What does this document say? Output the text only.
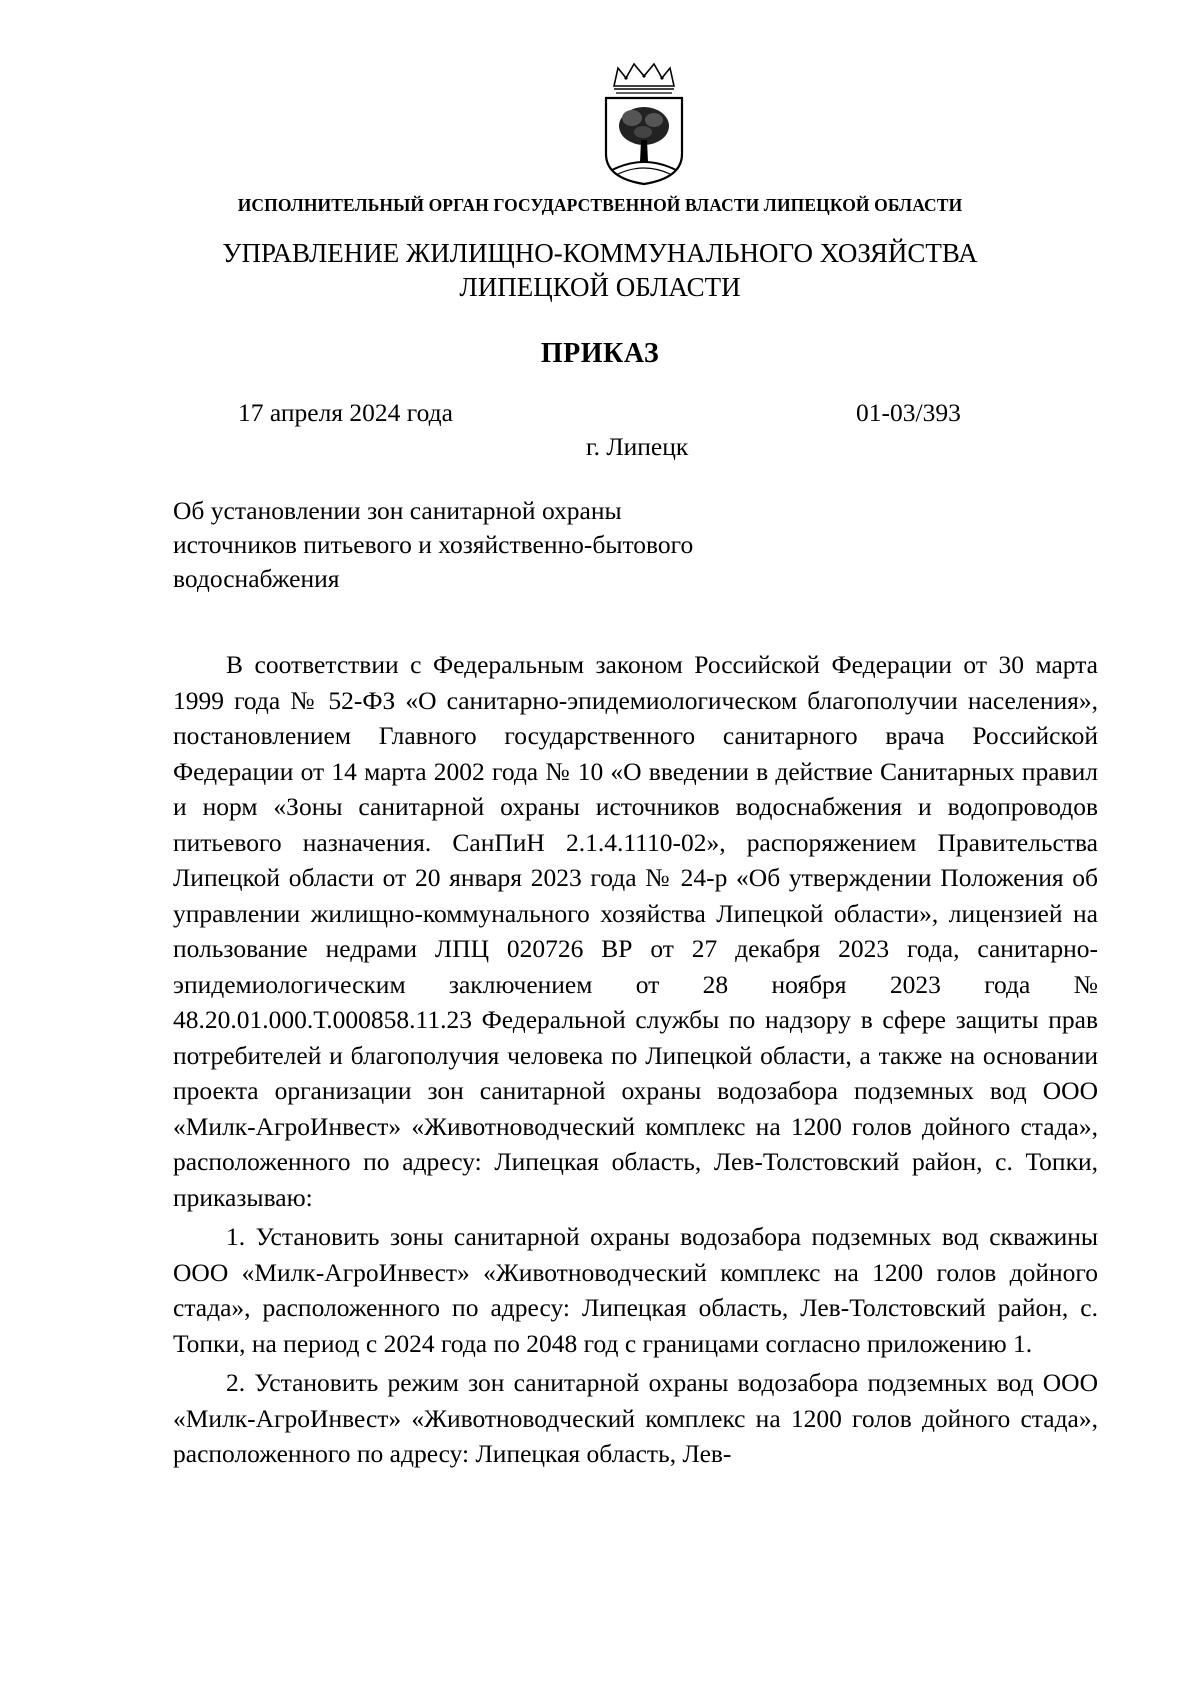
ИСПОЛНИТЕЛЬНЫЙ ОРГАН ГОСУДАРСТВЕННОЙ ВЛАСТИ ЛИПЕЦКОЙ ОБЛАСТИ
УПРАВЛЕНИЕ ЖИЛИЩНО-КОММУНАЛЬНОГО ХОЗЯЙСТВА
ЛИПЕЦКОЙ ОБЛАСТИ
ПРИКАЗ
17 апреля 2024 года	01-03/393
г. Липецк
Об установлении зон санитарной охраны
источников питьевого и хозяйственно-бытового
водоснабжения

В соответствии с Федеральным законом Российской Федерации от 30 марта 1999 года № 52-ФЗ «О санитарно-эпидемиологическом благополучии населения», постановлением Главного государственного санитарного врача Российской Федерации от 14 марта 2002 года № 10 «О введении в действие Санитарных правил и норм «Зоны санитарной охраны источников водоснабжения и водопроводов питьевого назначения. СанПиН 2.1.4.1110-02», распоряжением Правительства Липецкой области от 20 января 2023 года № 24-р «Об утверждении Положения об управлении жилищно-коммунального хозяйства Липецкой области», лицензией на пользование недрами ЛПЦ 020726 ВР от 27 декабря 2023 года, санитарно-эпидемиологическим заключением от 28 ноября 2023 года № 48.20.01.000.Т.000858.11.23 Федеральной службы по надзору в сфере защиты прав потребителей и благополучия человека по Липецкой области, а также на основании проекта организации зон санитарной охраны водозабора подземных вод ООО «Милк-АгроИнвест» «Животноводческий комплекс на 1200 голов дойного стада», расположенного по адресу: Липецкая область, Лев-Толстовский район, с. Топки, приказываю:

1. Установить зоны санитарной охраны водозабора подземных вод скважины ООО «Милк-АгроИнвест» «Животноводческий комплекс на 1200 голов дойного стада», расположенного по адресу: Липецкая область, Лев-Толстовский район, с. Топки, на период с 2024 года по 2048 год с границами согласно приложению 1.

2. Установить режим зон санитарной охраны водозабора подземных вод ООО «Милк-АгроИнвест» «Животноводческий комплекс на 1200 голов дойного стада», расположенного по адресу: Липецкая область, Лев-
